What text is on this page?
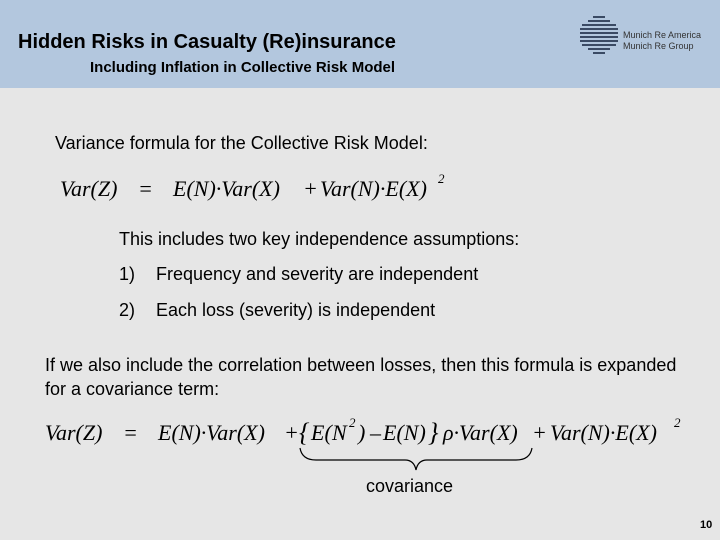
Hidden Risks in Casualty (Re)insurance
Including Inflation in Collective Risk Model
Munich Re America
Munich Re Group
Variance formula for the Collective Risk Model:
Var(Z) = E(N)·Var(X) + Var(N)·E(X) 2
This includes two key independence assumptions:
1) Frequency and severity are independent
2) Each loss (severity) is independent
If we also include the correlation between losses, then this formula is expanded for a covariance term:
Var(Z) = E(N)·Var(X) + { E( N 2 ) – E(N) } ρ·Var(X) + Var(N)·E(X) 2
covariance
10
